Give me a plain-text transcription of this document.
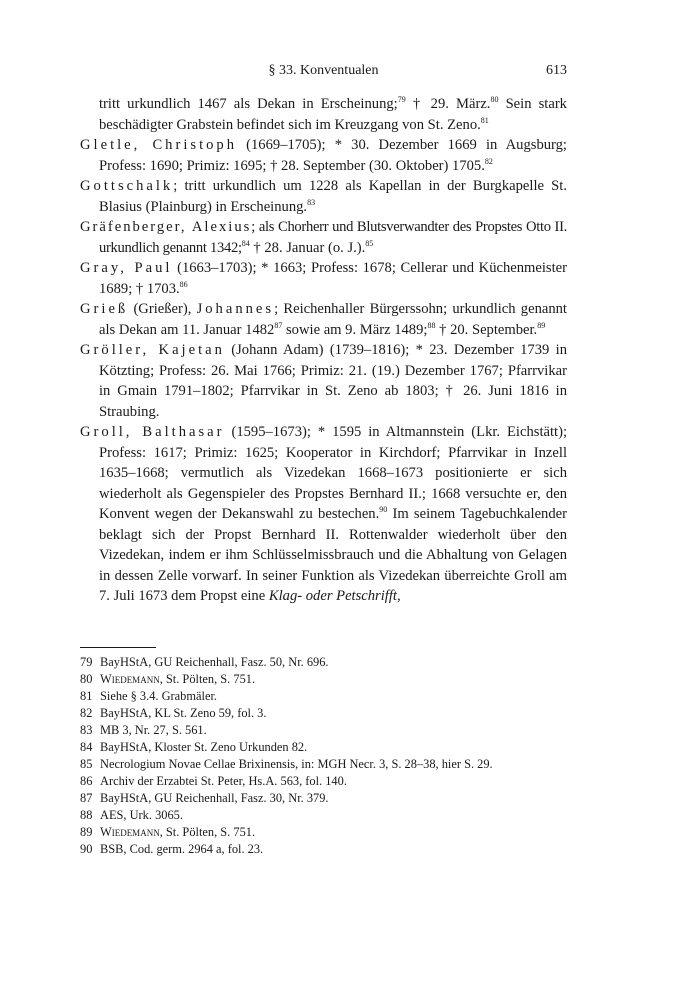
§ 33. Konventualen	613

tritt urkundlich 1467 als Dekan in Erscheinung;$^{79}$ † 29. März.$^{80}$ Sein stark beschädigter Grabstein befindet sich im Kreuzgang von St. Zeno.$^{81}$

Gletle, Christoph (1669–1705); * 30. Dezember 1669 in Augsburg; Profess: 1690; Primiz: 1695; † 28. September (30. Oktober) 1705.82

Gottschalk; tritt urkundlich um 1228 als Kapellan in der Burgkapelle St. Blasius (Plainburg) in Erscheinung.$^{83}$

Gräfenberger, Alexius; als Chorherr und Blutsverwandter des Propstes Otto II. urkundlich genannt 1342;$^{84}$ † 28. Januar (o. J.).$^{85}$

Gray, Paul (1663–1703); * 1663; Profess: 1678; Cellerar und Küchenmeister 1689; † 1703.86

Grieß (Grießer), Johannes; Reichenhaller Bürgerssohn; urkundlich genannt als Dekan am 11. Januar 1482$^{87}$ sowie am 9. März 1489;$^{88}$ † 20. September.$^{89}$

Gröller, Kajetan (Johann Adam) (1739–1816); * 23. Dezember 1739 in Kötzting; Profess: 26. Mai 1766; Primiz: 21. (19.) Dezember 1767; Pfarrvikar in Gmain 1791–1802; Pfarrvikar in St. Zeno ab 1803; † 26. Juni 1816 in Straubing.

Groll, Balthasar (1595–1673); * 1595 in Altmannstein (Lkr. Eichstätt); Profess: 1617; Primiz: 1625; Kooperator in Kirchdorf; Pfarrvikar in Inzell 1635–1668; vermutlich als Vizedekan 1668–1673 positionierte er sich wiederholt als Gegenspieler des Propstes Bernhard II.; 1668 versuchte er, den Konvent wegen der Dekanswahl zu bestechen.$^{90}$ Im seinem Tagebuchkalender beklagt sich der Propst Bernhard II. Rottenwalder wiederholt über den Vizedekan, indem er ihm Schlüsselmissbrauch und die Abhaltung von Gelagen in dessen Zelle vorwarf. In seiner Funktion als Vizedekan überreichte Groll am 7. Juli 1673 dem Propst eine Klag- oder Petschrifft,

79 BayHStA, GU Reichenhall, Fasz. 50, Nr. 696.
80 Wiedemann, St. Pölten, S. 751.
81 Siehe § 3.4. Grabmäler.
82 BayHStA, KL St. Zeno 59, fol. 3.
83 MB 3, Nr. 27, S. 561.
84 BayHStA, Kloster St. Zeno Urkunden 82.
85 Necrologium Novae Cellae Brixinensis, in: MGH Necr. 3, S. 28–38, hier S. 29.
86 Archiv der Erzabtei St. Peter, Hs.A. 563, fol. 140.
87 BayHStA, GU Reichenhall, Fasz. 30, Nr. 379.
88 AES, Urk. 3065.
89 Wiedemann, St. Pölten, S. 751.
90 BSB, Cod. germ. 2964 a, fol. 23.
